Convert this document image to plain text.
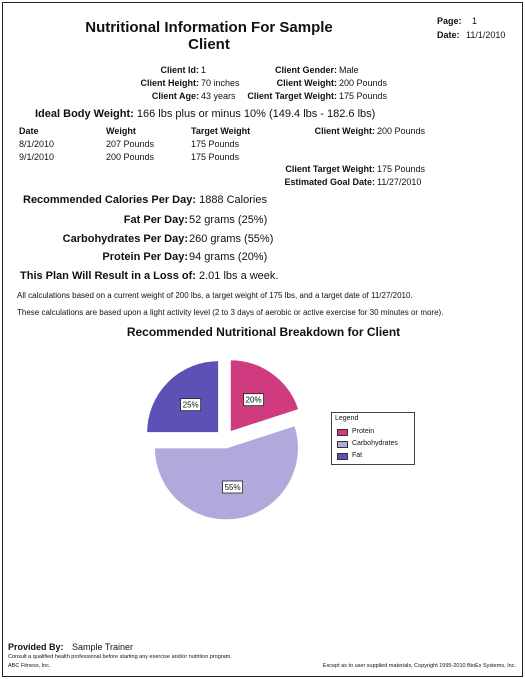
Nutritional Information For Sample
Client
Page: 1
Date: 11/1/2010
Client Id: 1
Client Height: 70 inches
Client Age: 43 years
Client Gender: Male
Client Weight: 200 Pounds
Client Target Weight: 175 Pounds
Ideal Body Weight: 166 lbs plus or minus 10% (149.4 lbs - 182.6 lbs)
Date	Weight	Target Weight	Client Weight: 200 Pounds
8/1/2010	207 Pounds	175 Pounds
9/1/2010	200 Pounds	175 Pounds
Client Target Weight: 175 Pounds
Estimated Goal Date: 11/27/2010
Recommended Calories Per Day: 1888 Calories
Fat Per Day: 52 grams (25%)
Carbohydrates Per Day: 260 grams (55%)
Protein Per Day: 94 grams (20%)
This Plan Will Result in a Loss of: 2.01 lbs a week.
All calculations based on a current weight of 200 lbs, a target weight of 175 lbs, and a target date of 11/27/2010.
These calculations are based upon a light activity level (2 to 3 days of aerobic or active exercise for 30 minutes or more).
Recommended Nutritional Breakdown for Client
20%
55%
25%
Legend
Protein
Carbohydrates
Fat
Provided By: Sample Trainer
Consult a qualified health professional before starting any exercise and/or nutrition program.
ABC Fitness, Inc.	Except as to user supplied materials, Copyright 1995-2010 BioEx Systems, Inc.
